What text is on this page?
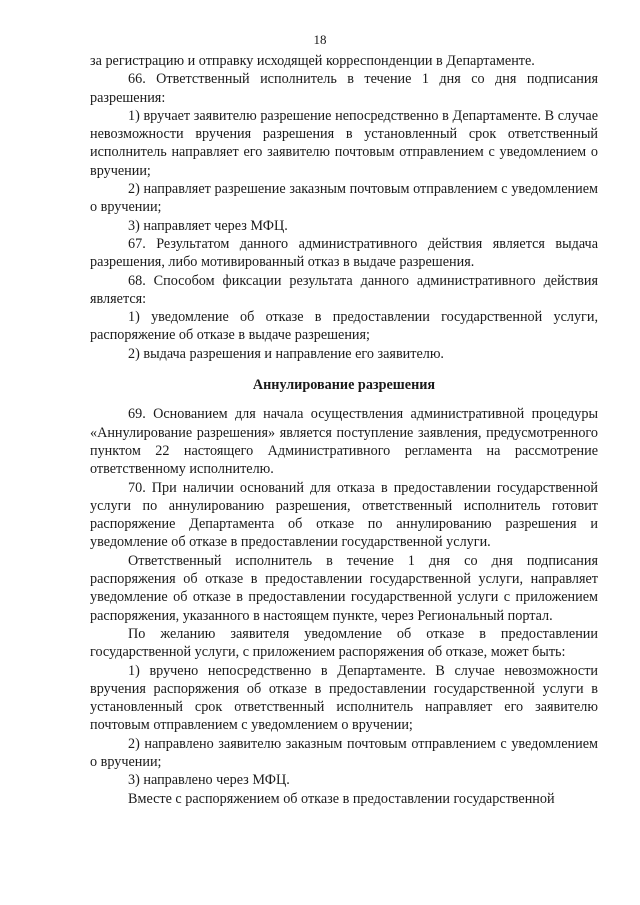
18

за регистрацию и отправку исходящей корреспонденции в Департаменте.

66. Ответственный исполнитель в течение 1 дня со дня подписания разрешения:

1) вручает заявителю разрешение непосредственно в Департаменте. В случае невозможности вручения разрешения в установленный срок ответственный исполнитель направляет его заявителю почтовым отправлением с уведомлением о вручении;

2) направляет разрешение заказным почтовым отправлением с уведомлением о вручении;

3) направляет через МФЦ.

67. Результатом данного административного действия является выдача разрешения, либо мотивированный отказ в выдаче разрешения.

68. Способом фиксации результата данного административного действия является:

1) уведомление об отказе в предоставлении государственной услуги, распоряжение об отказе в выдаче разрешения;

2) выдача разрешения и направление его заявителю.

Аннулирование разрешения

69. Основанием для начала осуществления административной процедуры «Аннулирование разрешения» является поступление заявления, предусмотренного пунктом 22 настоящего Административного регламента на рассмотрение ответственному исполнителю.

70. При наличии оснований для отказа в предоставлении государственной услуги по аннулированию разрешения, ответственный исполнитель готовит распоряжение Департамента об отказе по аннулированию разрешения и уведомление об отказе в предоставлении государственной услуги.

Ответственный исполнитель в течение 1 дня со дня подписания распоряжения об отказе в предоставлении государственной услуги, направляет уведомление об отказе в предоставлении государственной услуги с приложением распоряжения, указанного в настоящем пункте, через Региональный портал.

По желанию заявителя уведомление об отказе в предоставлении государственной услуги, с приложением распоряжения об отказе, может быть:

1) вручено непосредственно в Департаменте. В случае невозможности вручения распоряжения об отказе в предоставлении государственной услуги в установленный срок ответственный исполнитель направляет его заявителю почтовым отправлением с уведомлением о вручении;

2) направлено заявителю заказным почтовым отправлением с уведомлением о вручении;

3) направлено через МФЦ.

Вместе с распоряжением об отказе в предоставлении государственной
